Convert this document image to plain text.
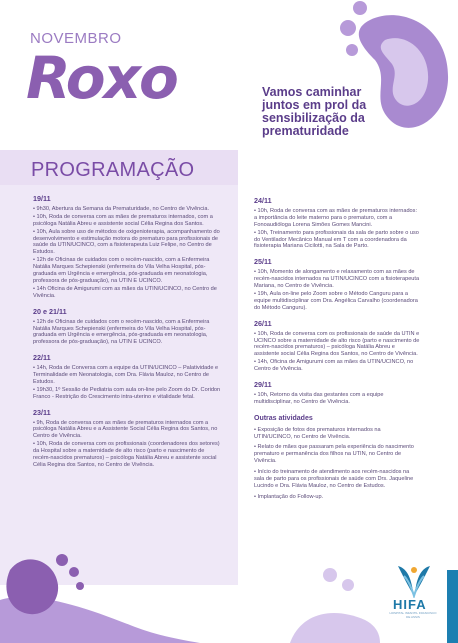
NOVEMBRO
Roxo	Vamos caminhar juntos em prol da sensibilização da prematuridade
PROGRAMAÇÃO
19/11
• 9h30, Abertura da Semana da Prematuridade, no Centro de Vivência.
• 10h, Roda de conversa com as mães de prematuros internados, com a psicóloga Natália Abreu e assistente social Célia Regina dos Santos.
• 10h, Aula sobre uso de métodos de oxigenioterapia, acompanhamento do desenvolvimento e estimulação motora do prematuro para profissionais de saúde da UTIN/UCINCO, com a fisioterapeuta Luiz Felipe, no Centro de Estudos.
• 12h de Oficinas de cuidados com o recém-nascido, com a Enfermeira Natália Marques Schepienski (enfermeira do Vila Velha Hospital, pós-graduada em Urgência e emergência, pós-graduada em neonatologia, professora de pós-graduação), na UTIN E UCINCO.
• 14h Oficina de Amigurumi com as mães da UTIN/UCINCO, no Centro de Vivência.
20 e 21/11
• 12h de Oficinas de cuidados com o recém-nascido, com a Enfermeira Natália Marques Schepienski (enfermeira do Vila Velha Hospital, pós-graduada em Urgência e emergência, pós-graduada em neonatologia, professora de pós-graduação), na UTIN E UCINCO.
22/11
• 14h, Roda de Conversa com a equipe da UTIN/UCINCO – Palatividade e Terminalidade em Neonatologia, com Dra. Flávia Mauloz, no Centro de Estudos.
• 19h30, 1º Sessão de Pediatria com aula on-line pelo Zoom do Dr. Coridon Franco - Restrição do Crescimento intra-uterino e vitalidade fetal.
23/11
• 9h, Roda de conversa com as mães de prematuros internados com a psicóloga Natália Abreu e a Assistente Social Célia Regina dos Santos, no Centro de Vivência.
• 10h, Roda de conversa com os profissionais (coordenadores dos setores) da Hospital sobre a maternidade de alto risco (parto e nascimento de recém-nascidos prematuros) – psicóloga Natália Abreu e assistente social Célia Regina dos Santos, no Centro de Vivência.
24/11
• 10h, Roda de conversa com as mães de prematuros internados: a importância do leite materno para o prematuro, com a Fonoaudióloga Lorena Simões Gomes Mancini.
• 10h, Treinamento para profissionais da sala de parto sobre o uso do Ventilador Mecânico Manual em T com a coordenadora da fisioterapia Mariana Cicilotti, na Sala de Parto.
25/11
• 10h, Momento de alongamento e relaxamento com as mães de recém-nascidos internados na UTIN/UCINCO com a fisioterapeuta Mariana, no Centro de Vivência.
• 19h, Aula on-line pelo Zoom sobre o Método Canguru para a equipe multidisciplinar com Dra. Angélica Carvalho (coordenadora do Método Canguru).
26/11
• 10h, Roda de conversa com os profissionais de saúde da UTIN e UCINCO sobre a maternidade de alto risco (parto e nascimento de recém-nascidos prematuros) – psicóloga Natália Abreu e assistente social Célia Regina dos Santos, no Centro de Vivência.
• 14h, Oficina de Amigurumi com as mães da UTIN/UCINCO, no Centro de Vivência.
29/11
• 10h, Retorno da visita das gestantes com a equipe multidisciplinar, no Centro de Vivência.
Outras atividades
• Exposição de fotos dos prematuros internados na UTIN/UCINCO, no Centro de Vivência.
• Relato de mães que passaram pela experiência do nascimento prematuro e permanência dos filhos na UTIN, no Centro de Vivência.
• Início do treinamento de atendimento aos recém-nascidos na sala de parto para os profissionais de saúde com Drs. Jaqueline Lucindo e Dra. Flávia Mauloz, no Centro de Estudos.
• Implantação do Follow-up.
HIFA
HOSPITAL INFANTIL FRANCISCO DE ASSIS
